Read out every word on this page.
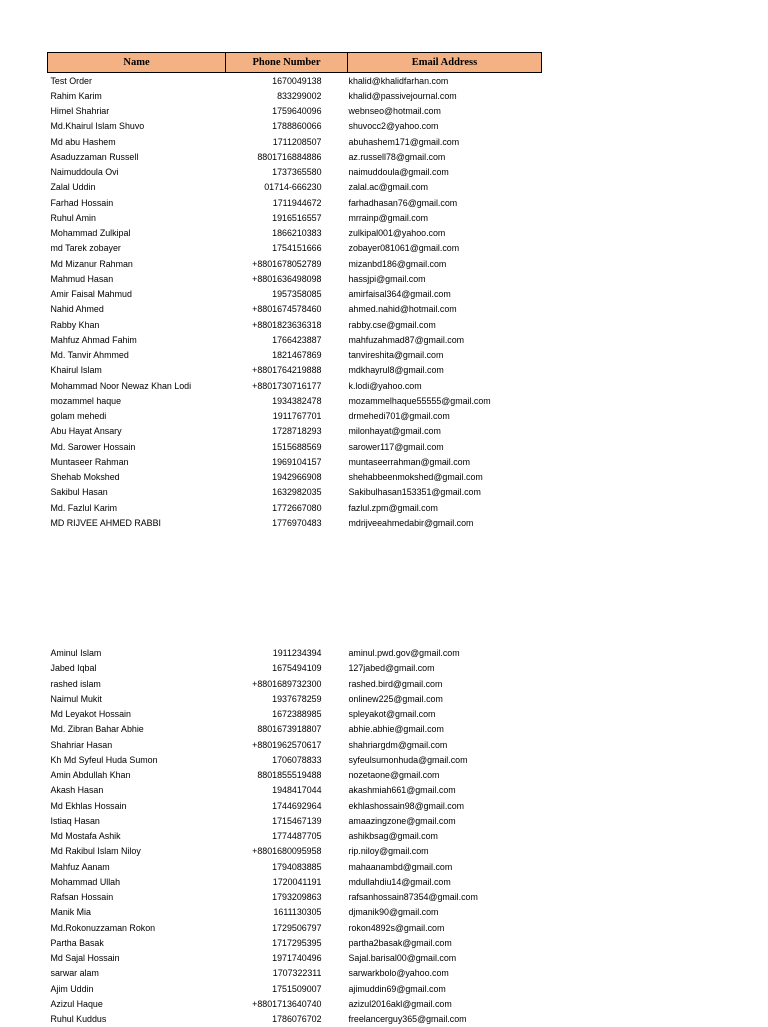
Name	Phone Number	Email Address
Test Order	1670049138	khalid@khalidfarhan.com
Rahim Karim	833299002	khalid@passivejournal.com
Himel Shahriar	1759640096	webnseo@hotmail.com
Md.Khairul Islam Shuvo	1788860066	shuvocc2@yahoo.com
Md abu Hashem	1711208507	abuhashem171@gmail.com
Asaduzzaman Russell	8801716884886	az.russell78@gmail.com
Naimuddoula Ovi	1737365580	naimuddoula@gmail.com
Zalal Uddin	01714-666230	zalal.ac@gmail.com
Farhad Hossain	1711944672	farhadhasan76@gmail.com
Ruhul Amin	1916516557	mrrainp@gmail.com
Mohammad Zulkipal	1866210383	zulkipal001@yahoo.com
md Tarek zobayer	1754151666	zobayer081061@gmail.com
Md Mizanur Rahman	+8801678052789	mizanbd186@gmail.com
Mahmud Hasan	+8801636498098	hassjpi@gmail.com
Amir Faisal Mahmud	1957358085	amirfaisal364@gmail.com
Nahid Ahmed	+8801674578460	ahmed.nahid@hotmail.com
Rabby Khan	+8801823636318	rabby.cse@gmail.com
Mahfuz Ahmad Fahim	1766423887	mahfuzahmad87@gmail.com
Md. Tanvir Ahmmed	1821467869	tanvireshita@gmail.com
Khairul Islam	+8801764219888	mdkhayrul8@gmail.com
Mohammad Noor Newaz Khan Lodi	+8801730716177	k.lodi@yahoo.com
mozammel haque	1934382478	mozammelhaque55555@gmail.com
golam mehedi	1911767701	drmehedi701@gmail.com
Abu Hayat Ansary	1728718293	milonhayat@gmail.com
Md. Sarower Hossain	1515688569	sarower117@gmail.com
Muntaseer Rahman	1969104157	muntaseerrahman@gmail.com
Shehab Mokshed	1942966908	shehabbeenmokshed@gmail.com
Sakibul Hasan	1632982035	Sakibulhasan153351@gmail.com
Md. Fazlul Karim	1772667080	fazlul.zpm@gmail.com
MD RIJVEE AHMED RABBI	1776970483	mdrijveeahmedabir@gmail.com

Aminul Islam	1911234394	aminul.pwd.gov@gmail.com
Jabed Iqbal	1675494109	127jabed@gmail.com
rashed islam	+8801689732300	rashed.bird@gmail.com
Naimul Mukit	1937678259	onlinew225@gmail.com
Md Leyakot Hossain	1672388985	spleyakot@gmail.com
Md. Zibran Bahar Abhie	8801673918807	abhie.abhie@gmail.com
Shahriar Hasan	+8801962570617	shahriargdm@gmail.com
Kh Md Syfeul Huda Sumon	1706078833	syfeulsumonhuda@gmail.com
Amin Abdullah Khan	8801855519488	nozetaone@gmail.com
Akash Hasan	1948417044	akashmiah661@gmail.com
Md Ekhlas Hossain	1744692964	ekhlashossain98@gmail.com
Istiaq Hasan	1715467139	amaazingzone@gmail.com
Md Mostafa Ashik	1774487705	ashikbsag@gmail.com
Md Rakibul Islam Niloy	+8801680095958	rip.niloy@gmail.com
Mahfuz Aanam	1794083885	mahaanambd@gmail.com
Mohammad Ullah	1720041191	mdullahdiu14@gmail.com
Rafsan Hossain	1793209863	rafsanhossain87354@gmail.com
Manik Mia	1611130305	djmanik90@gmail.com
Md.Rokonuzzaman Rokon	1729506797	rokon4892s@gmail.com
Partha Basak	1717295395	partha2basak@gmail.com
Md Sajal Hossain	1971740496	Sajal.barisal00@gmail.com
sarwar alam	1707322311	sarwarkbolo@yahoo.com
Ajim Uddin	1751509007	ajimuddin69@gmail.com
Azizul Haque	+8801713640740	azizul2016akl@gmail.com
Ruhul Kuddus	1786076702	freelancerguy365@gmail.com
